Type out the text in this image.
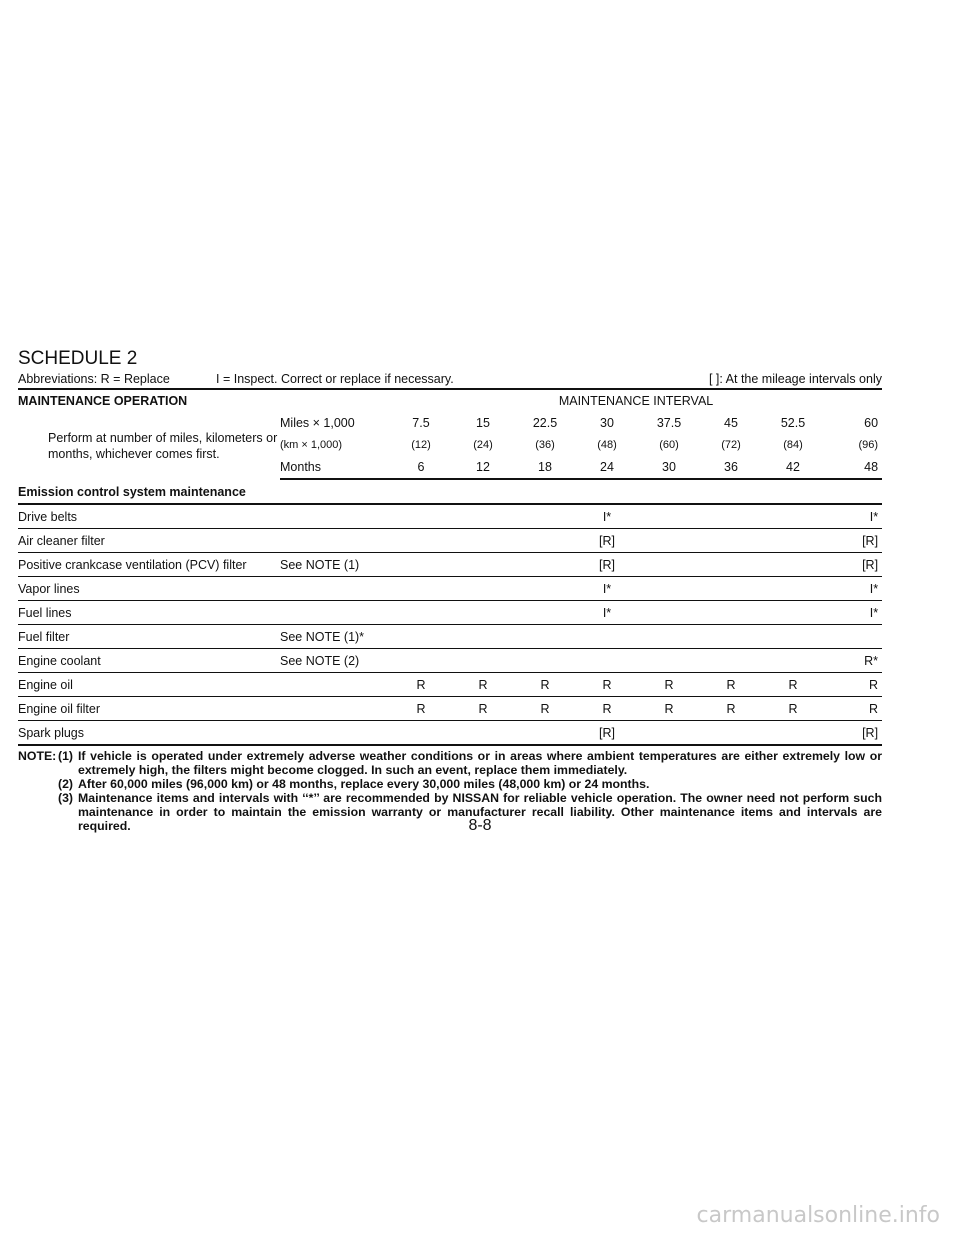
SCHEDULE 2
Abbreviations: R = Replace	I = Inspect. Correct or replace if necessary.	[ ]: At the mileage intervals only
MAINTENANCE OPERATION		MAINTENANCE INTERVAL							
Perform at number of miles, kilometers or months, whichever comes first.	Miles × 1,000	7.5	15	22.5	30	37.5	45	52.5	60
	(km × 1,000)	(12)	(24)	(36)	(48)	(60)	(72)	(84)	(96)
	Months	6	12	18	24	30	36	42	48
Emission control system maintenance									
Drive belts					I*				I*
Air cleaner filter					[R]				[R]
Positive crankcase ventilation (PCV) filter	See NOTE (1)				[R]				[R]
Vapor lines					I*				I*
Fuel lines					I*				I*
Fuel filter	See NOTE (1)*								
Engine coolant	See NOTE (2)								R*
Engine oil		R	R	R	R	R	R	R	R
Engine oil filter		R	R	R	R	R	R	R	R
Spark plugs					[R]				[R]
NOTE: (1) If vehicle is operated under extremely adverse weather conditions or in areas where ambient temperatures are either extremely low or extremely high, the filters might become clogged. In such an event, replace them immediately.
(2) After 60,000 miles (96,000 km) or 48 months, replace every 30,000 miles (48,000 km) or 24 months.
(3) Maintenance items and intervals with ‘‘*’’ are recommended by NISSAN for reliable vehicle operation. The owner need not perform such maintenance in order to maintain the emission warranty or manufacturer recall liability. Other maintenance items and intervals are required.	8-8
carmanualsonline.info
